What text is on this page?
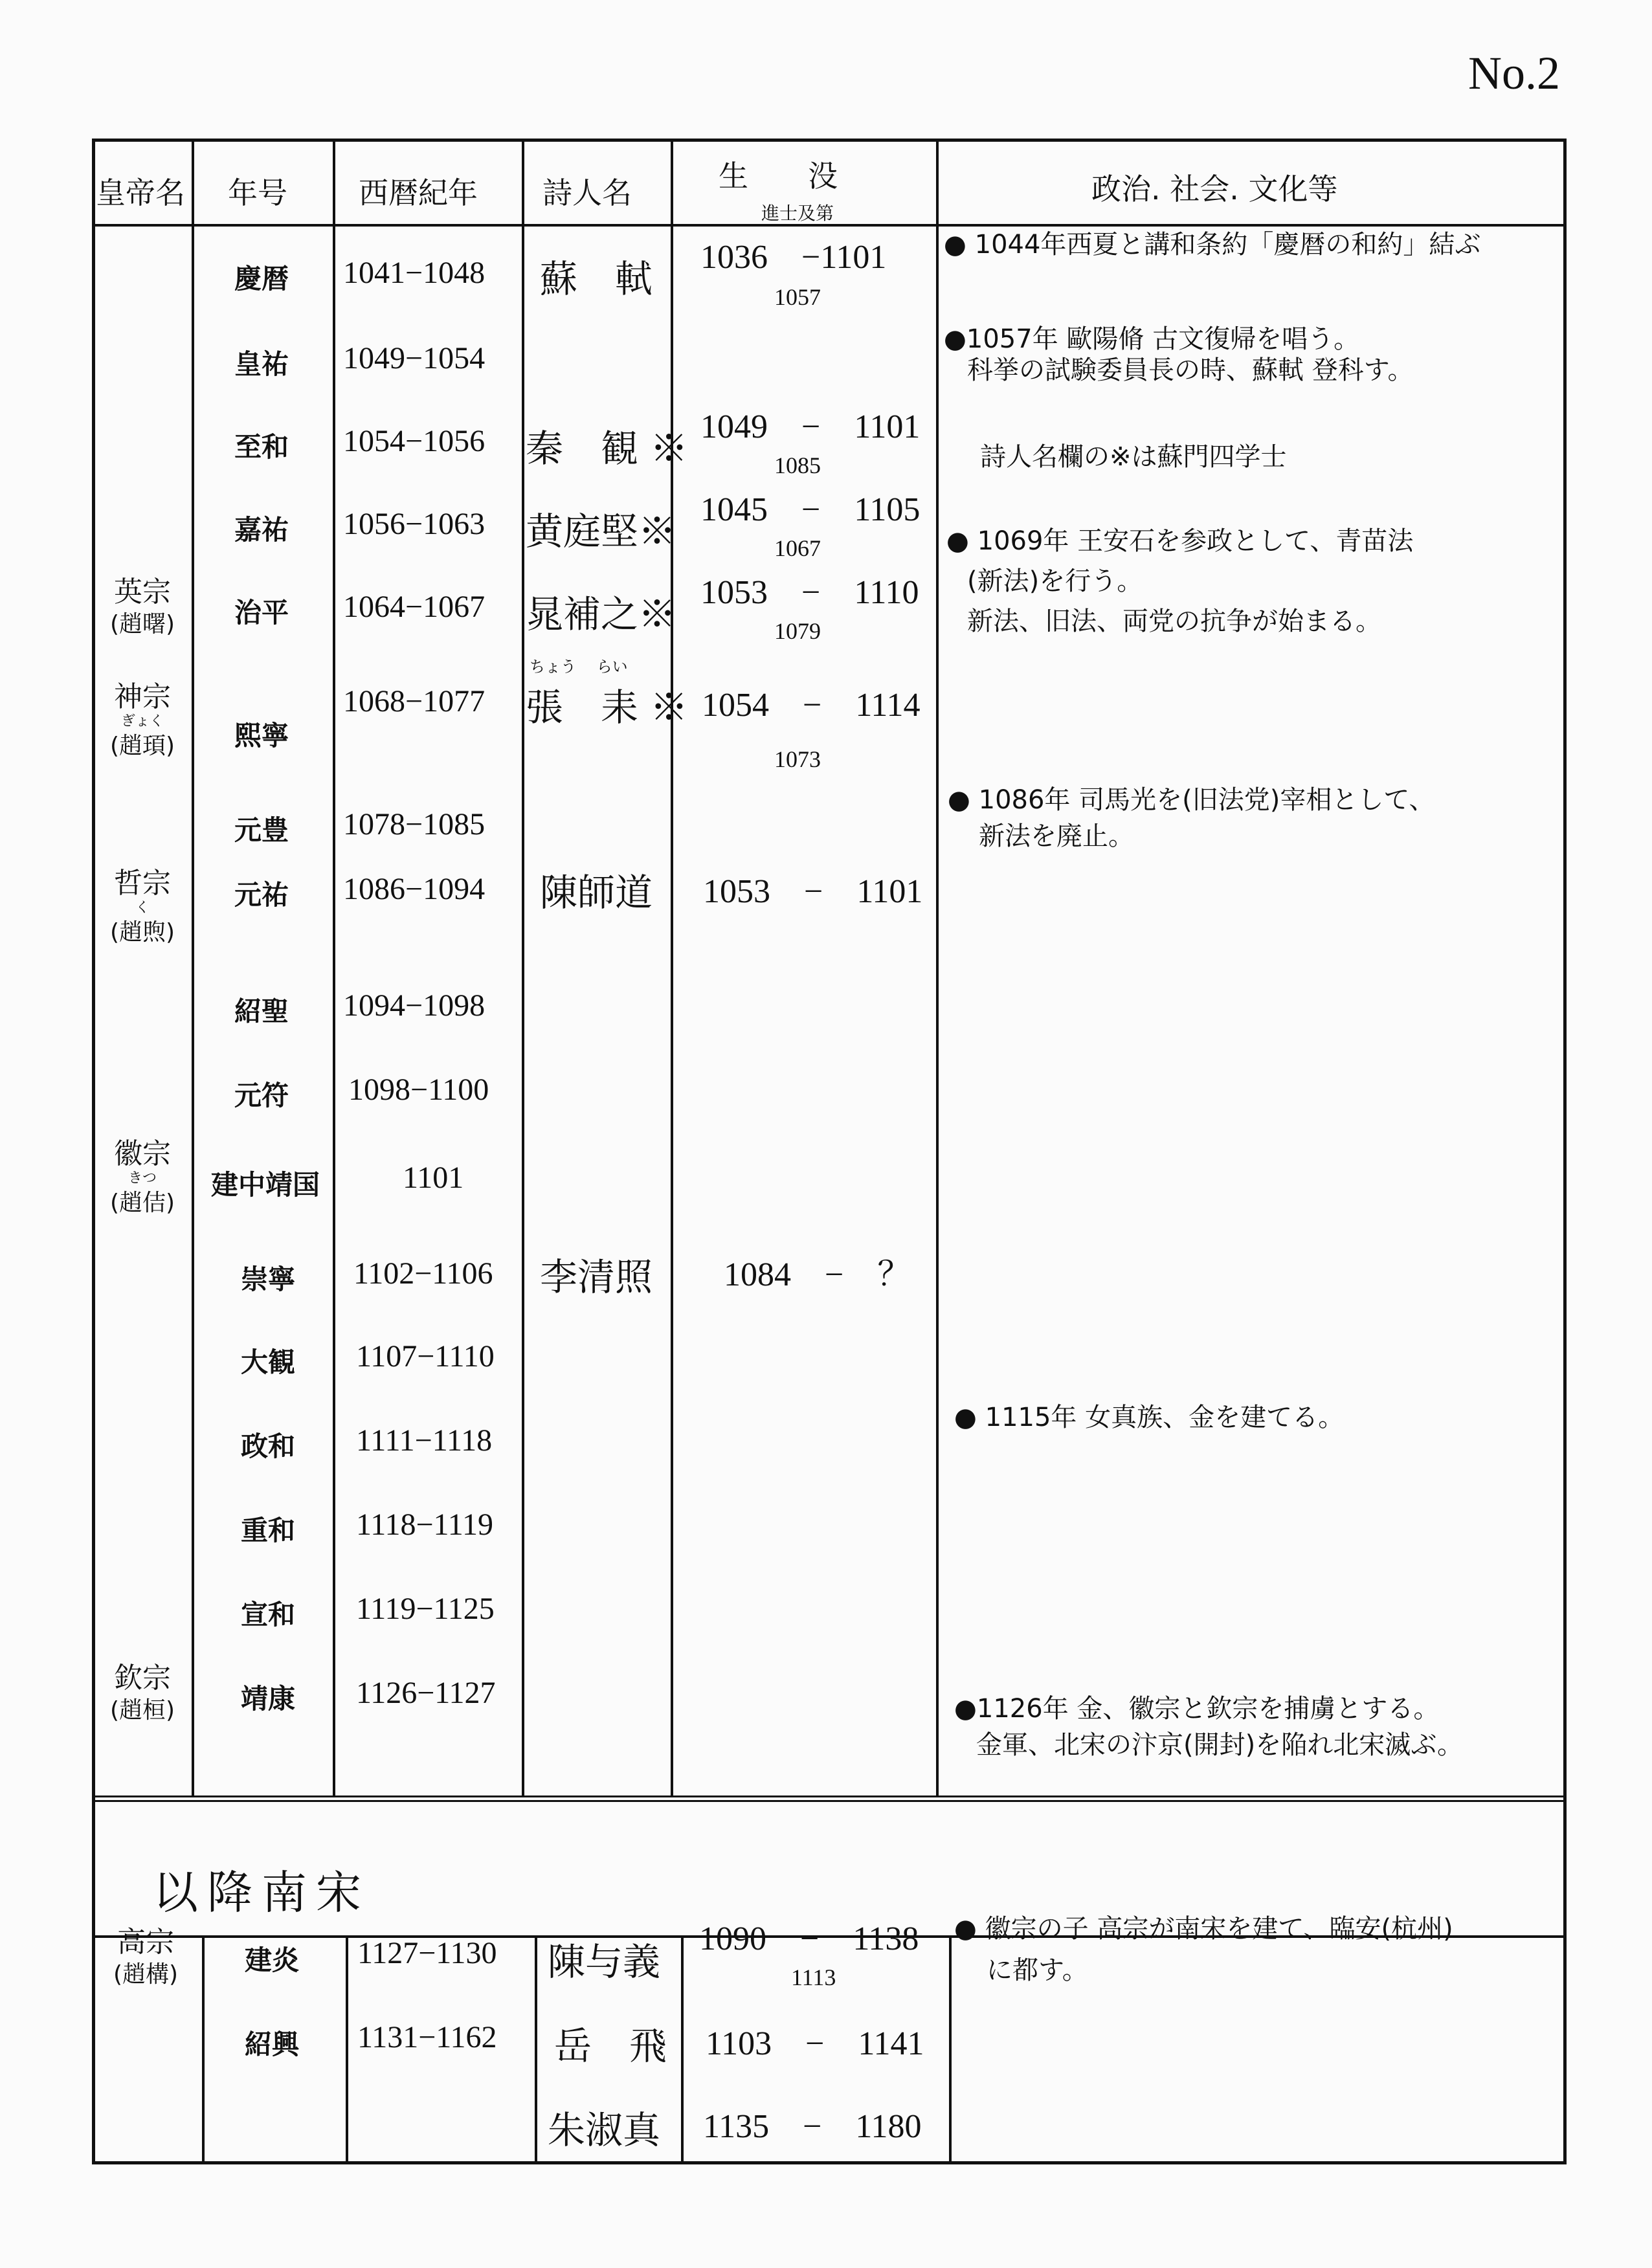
No.2
皇帝名 年号 西暦紀年 詩人名	生　　没
進士及第
政治. 社会. 文化等
英宗
(趙曙)
神宗
ぎょく
(趙頊)
哲宗
く
(趙煦)
徽宗
きつ
(趙佶)
欽宗
(趙桓)
高宗
(趙構)
慶暦 1041−1048
皇祐 1049−1054
至和 1054−1056
嘉祐 1056−1063
治平 1064−1067
熙寧
1068−1077
元豊 1078−1085
元祐 1086−1094
紹聖 1094−1098
元符 1098−1100
建中靖国	1101
崇寧 1102−1106
大観 1107−1110
政和 1111−1118
重和 1118−1119
宣和 1119−1125
靖康 1126−1127
建炎 1127−1130
紹興 1131−1162
蘇　軾 1036　−1101
1057
秦　観 ※ 1049　−　1101
1085
黄庭堅※ 1045　−　1105
1067
晁補之※ 1053　−　1110
1079
ちょう　 らい
張　耒 ※ 1054　−　1114
1073
陳師道 1053　−　1101
李清照 1084　−　？
陳与義
1090　−　1138
1113
岳　飛 1103　−　1141
朱淑真 1135　−　1180
● 1044年西夏と講和条約「慶暦の和約」結ぶ
●1057年 歐陽脩 古文復帰を唱う。
科挙の試験委員長の時、蘇軾 登科す。
詩人名欄の※は蘇門四学士
● 1069年 王安石を参政として、青苗法
(新法)を行う。
新法、旧法、両党の抗争が始まる。
● 1086年 司馬光を(旧法党)宰相として、
新法を廃止。
● 1115年 女真族、金を建てる。
●1126年 金、徽宗と欽宗を捕虜とする。
金軍、北宋の汴京(開封)を陥れ北宋滅ぶ。
● 徽宗の子 高宗が南宋を建て、臨安(杭州)
に都す。
以降南宋
